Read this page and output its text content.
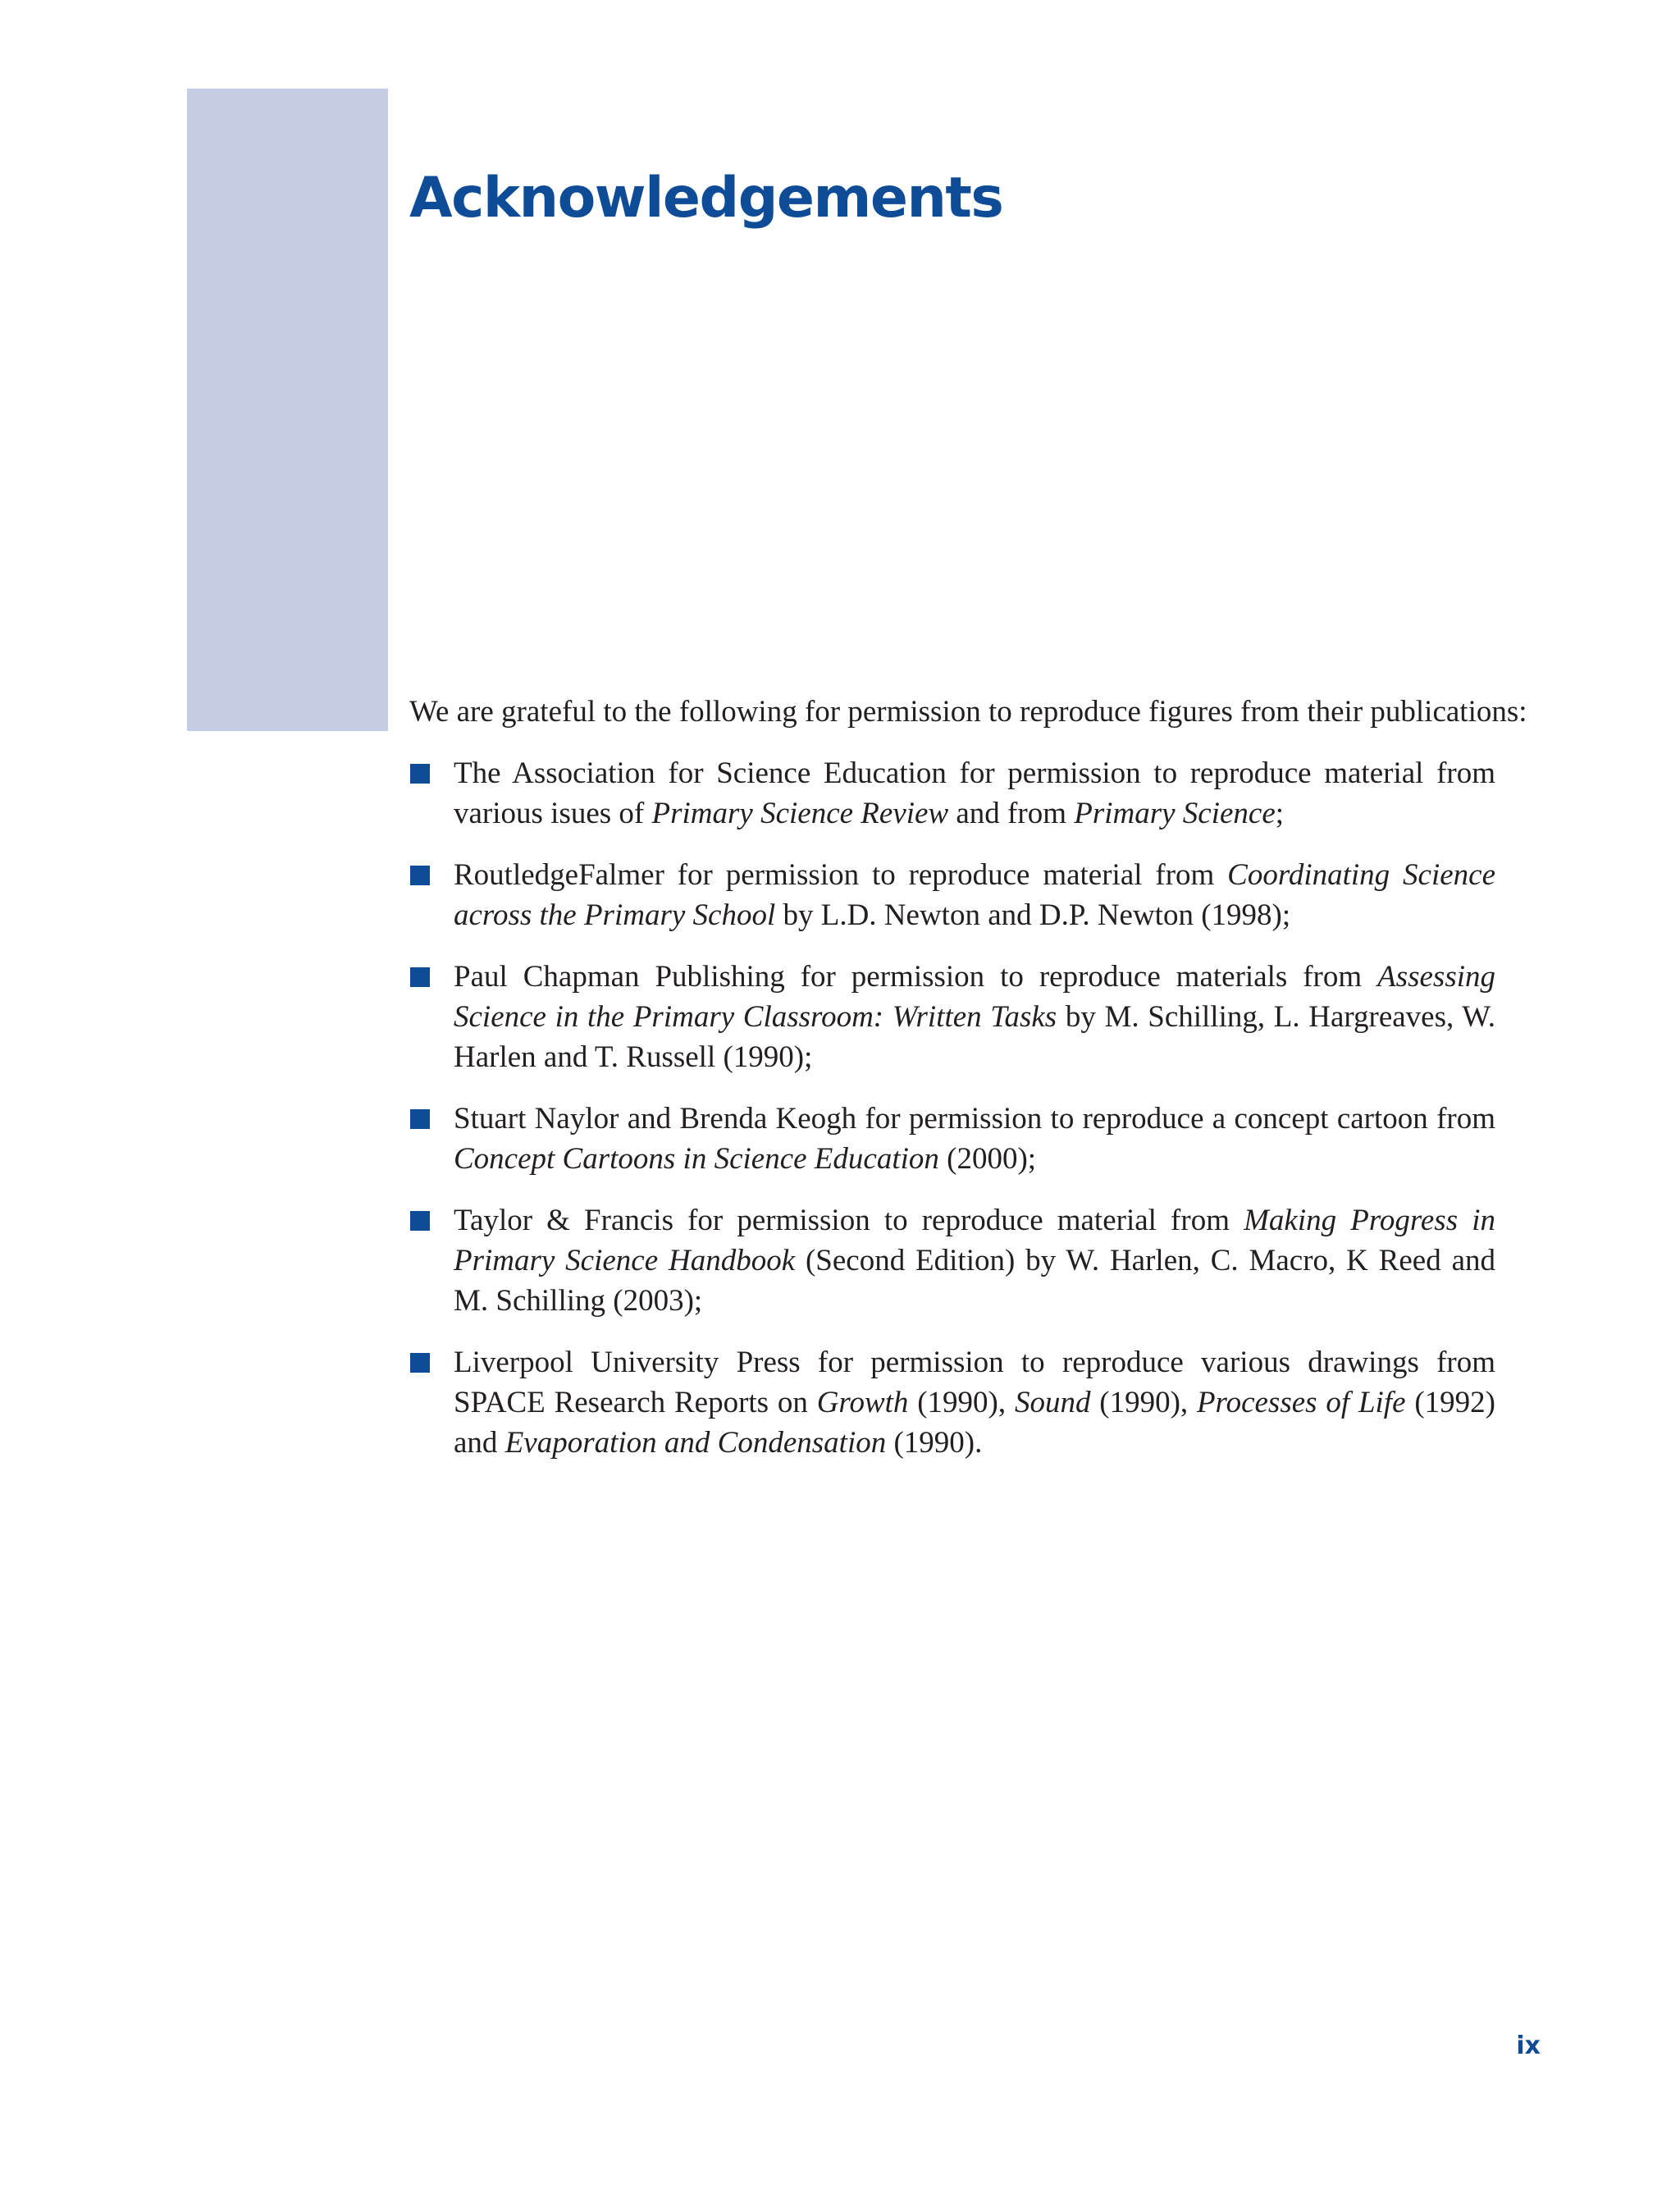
Acknowledgements

We are grateful to the following for permission to reproduce figures from their publications:

The Association for Science Education for permission to reproduce material from various isues of Primary Science Review and from Primary Science;
RoutledgeFalmer for permission to reproduce material from Coordinating Science across the Primary School by L.D. Newton and D.P. Newton (1998);
Paul Chapman Publishing for permission to reproduce materials from Assessing Science in the Primary Classroom: Written Tasks by M. Schilling, L. Hargreaves, W. Harlen and T. Russell (1990);
Stuart Naylor and Brenda Keogh for permission to reproduce a concept cartoon from Concept Cartoons in Science Education (2000);
Taylor & Francis for permission to reproduce material from Making Progress in Primary Science Handbook (Second Edition) by W. Harlen, C. Macro, K Reed and M. Schilling (2003);
Liverpool University Press for permission to reproduce various drawings from SPACE Research Reports on Growth (1990), Sound (1990), Processes of Life (1992) and Evaporation and Condensation (1990).
ix
